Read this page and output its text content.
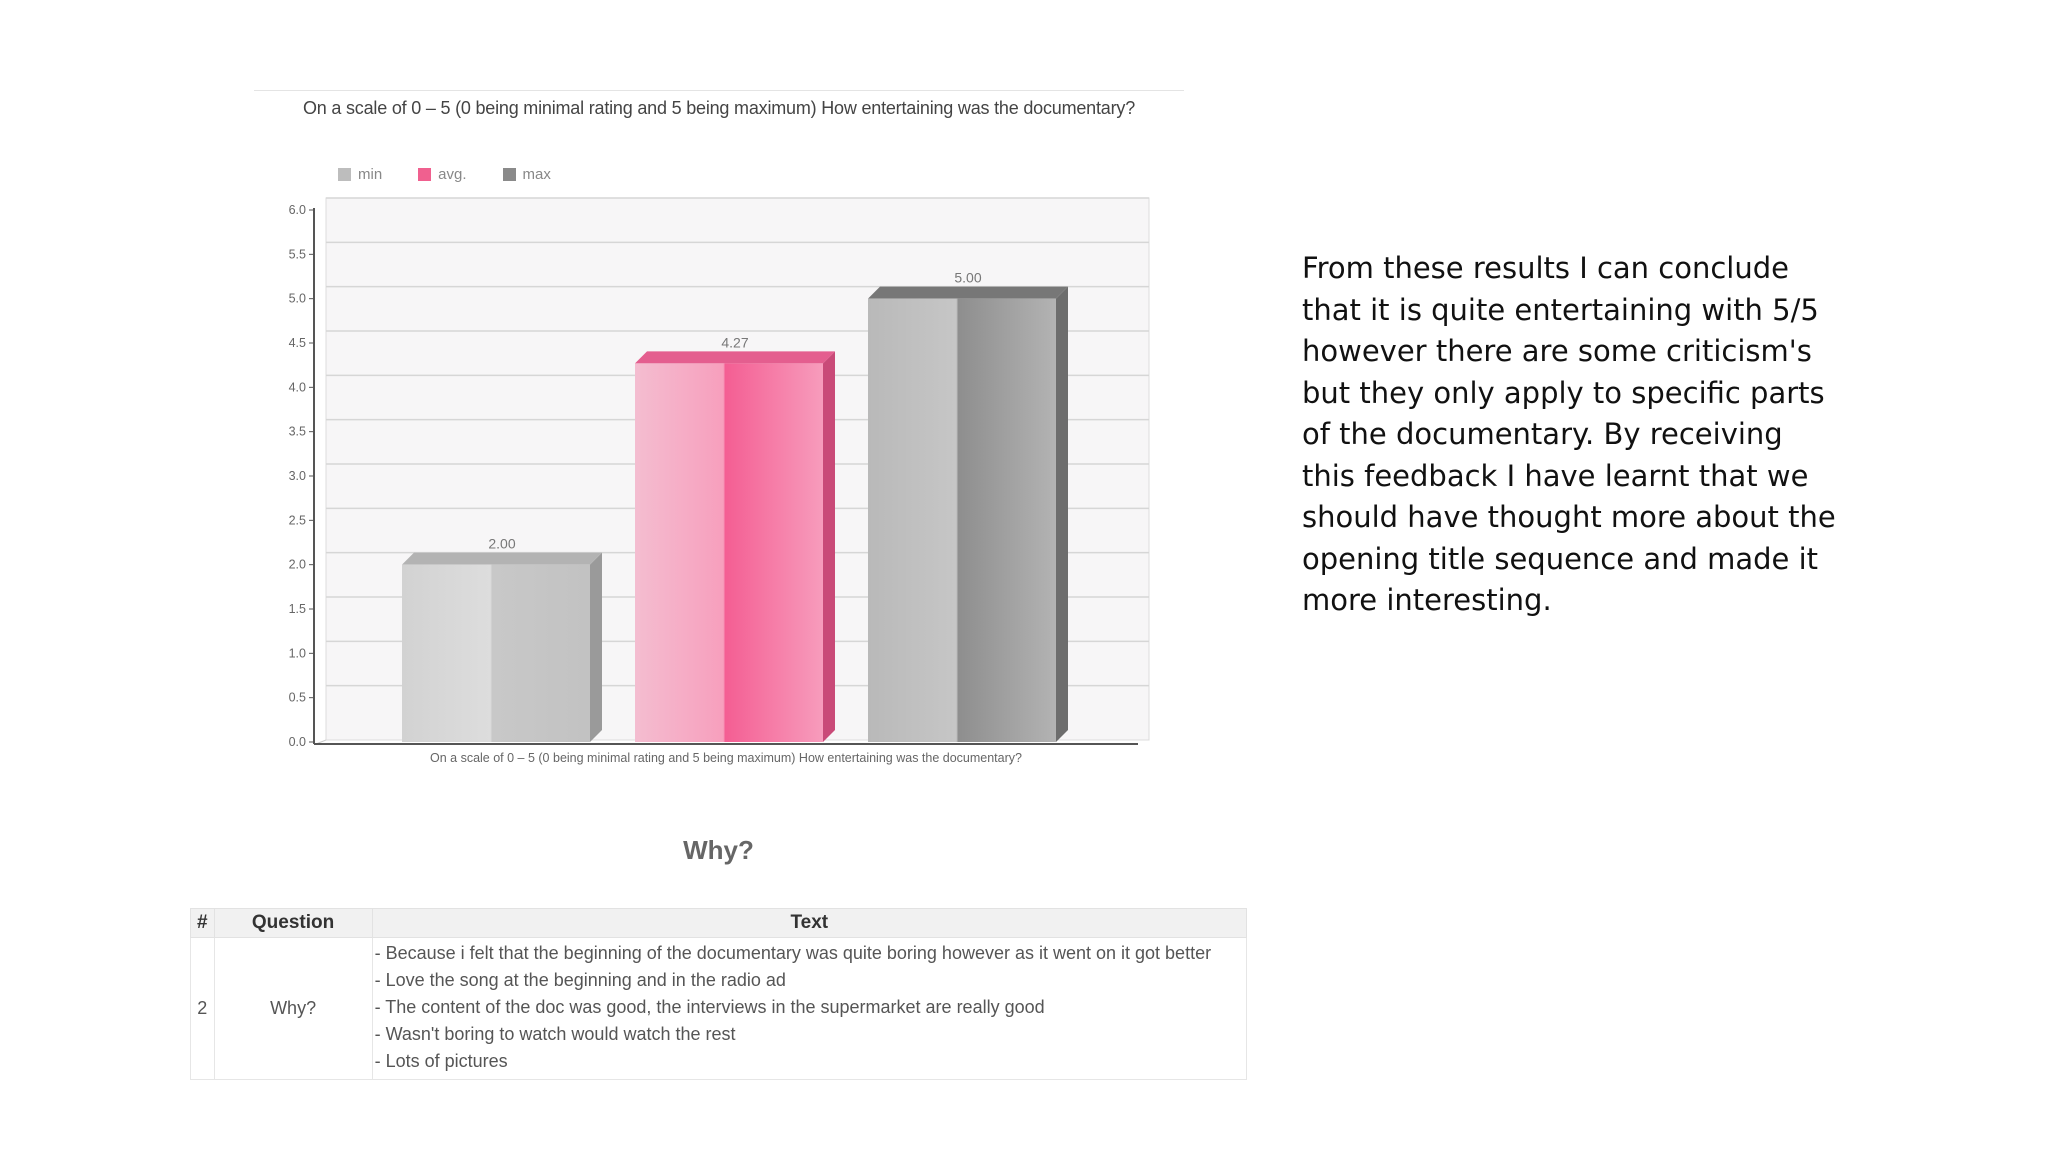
0.0
0.5
1.0
1.5
2.0
2.5
3.0
3.5
4.0
4.5
5.0
5.5
6.0
2.00
4.27
5.00
On a scale of 0 – 5 (0 being minimal rating and 5 being maximum) How entertaining was the documentary?
On a scale of 0 – 5 (0 being minimal rating and 5 being maximum) How entertaining was the documentary?
min	avg.	max
Why?
#	Question	Text
2	Why?	- Because i felt that the beginning of the documentary was quite boring however as it went on it got better
- Love the song at the beginning and in the radio ad
- The content of the doc was good, the interviews in the supermarket are really good
- Wasn't boring to watch would watch the rest
- Lots of pictures
From these results I can conclude that it is quite entertaining with 5/5 however there are some criticism's but they only apply to specific parts of the documentary. By receiving this feedback I have learnt that we should have thought more about the opening title sequence and made it more interesting.
